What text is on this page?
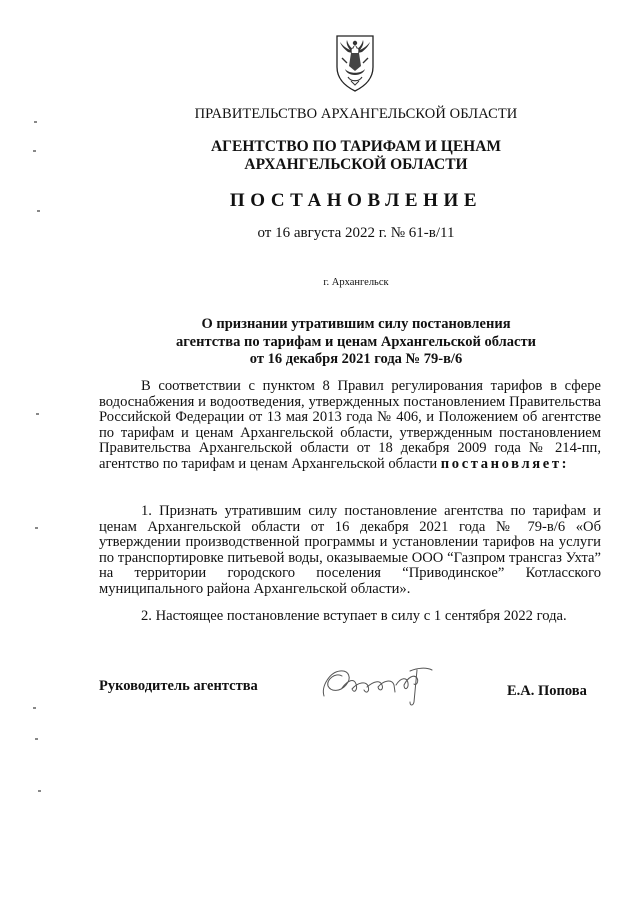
ПРАВИТЕЛЬСТВО АРХАНГЕЛЬСКОЙ ОБЛАСТИ
АГЕНТСТВО ПО ТАРИФАМ И ЦЕНАМ
АРХАНГЕЛЬСКОЙ ОБЛАСТИ
ПОСТАНОВЛЕНИЕ
от 16 августа 2022 г. № 61-в/11
г. Архангельск
О признании утратившим силу постановления
агентства по тарифам и ценам Архангельской области
от 16 декабря 2021 года № 79-в/6

В соответствии с пунктом 8 Правил регулирования тарифов в сфере водоснабжения и водоотведения, утвержденных постановлением Правительства Российской Федерации от 13 мая 2013 года № 406, и Положением об агентстве по тарифам и ценам Архангельской области, утвержденным постановлением Правительства Архангельской области от 18 декабря 2009 года № 214-пп, агентство по тарифам и ценам Архангельской области постановляет:

1. Признать утратившим силу постановление агентства по тарифам и ценам Архангельской области от 16 декабря 2021 года № 79-в/6 «Об утверждении производственной программы и установлении тарифов на услуги по транспортировке питьевой воды, оказываемые ООО “Газпром трансгаз Ухта” на территории городского поселения “Приводинское” Котласского муниципального района Архангельской области».

2. Настоящее постановление вступает в силу с 1 сентября 2022 года.

Руководитель агентства	Е.А. Попова
